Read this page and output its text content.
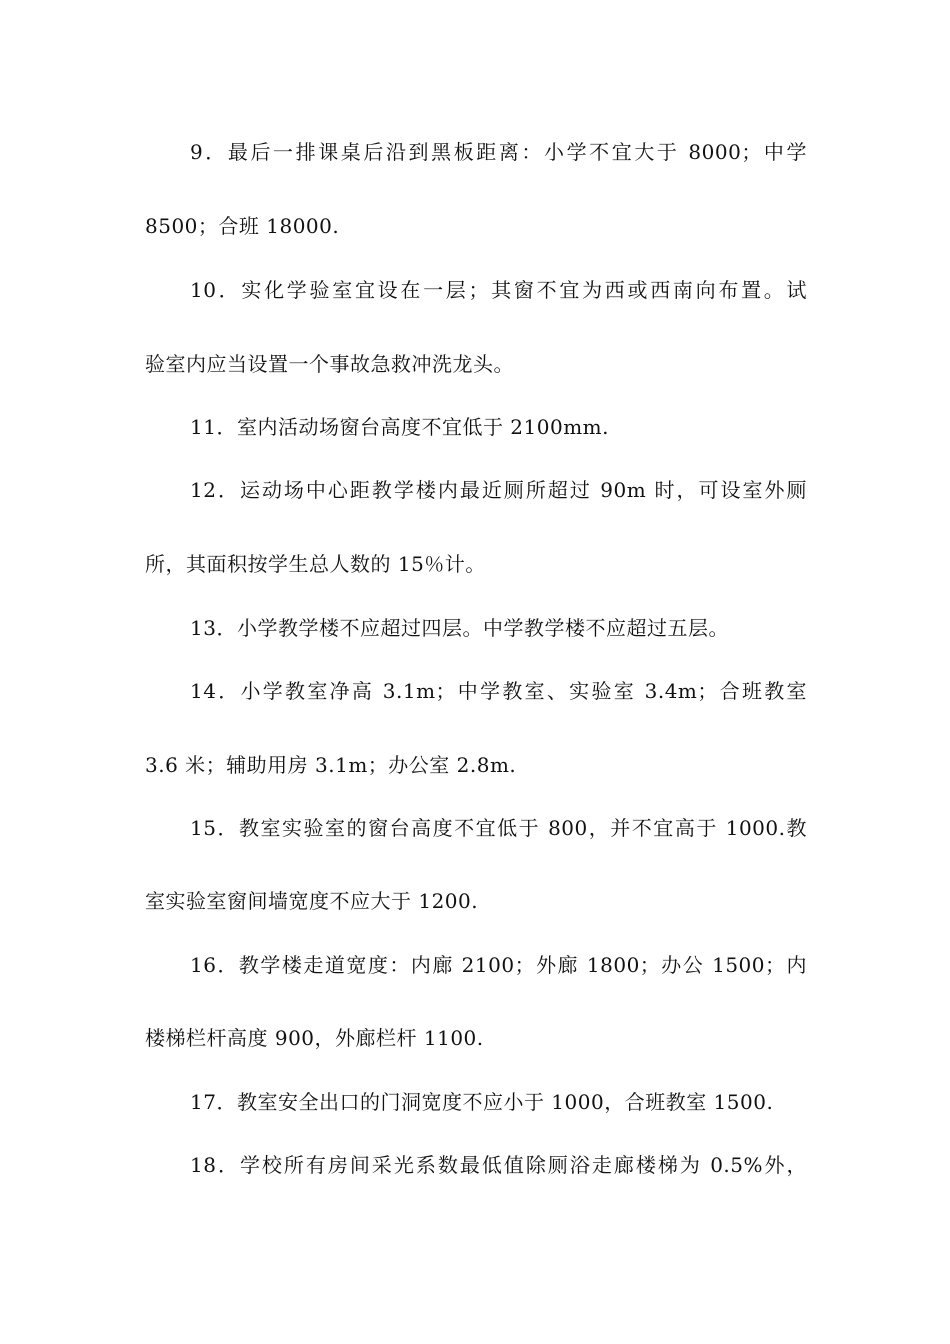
9．最后一排课桌后沿到黑板距离：小学不宜大于 8000；中学
8500；合班 18000.
10．实化学验室宜设在一层；其窗不宜为西或西南向布置。试
验室内应当设置一个事故急救冲洗龙头。
11．室内活动场窗台高度不宜低于 2100mm.
12．运动场中心距教学楼内最近厕所超过 90m 时，可设室外厕
所，其面积按学生总人数的 15％计。
13．小学教学楼不应超过四层。中学教学楼不应超过五层。
14．小学教室净高 3.1m；中学教室、实验室 3.4m；合班教室
3.6 米；辅助用房 3.1m；办公室 2.8m.
15．教室实验室的窗台高度不宜低于 800，并不宜高于 1000.教
室实验室窗间墙宽度不应大于 1200.
16．教学楼走道宽度：内廊 2100；外廊 1800；办公 1500；内
楼梯栏杆高度 900，外廊栏杆 1100.
17．教室安全出口的门洞宽度不应小于 1000，合班教室 1500.
18．学校所有房间采光系数最低值除厕浴走廊楼梯为 0.5%外，
